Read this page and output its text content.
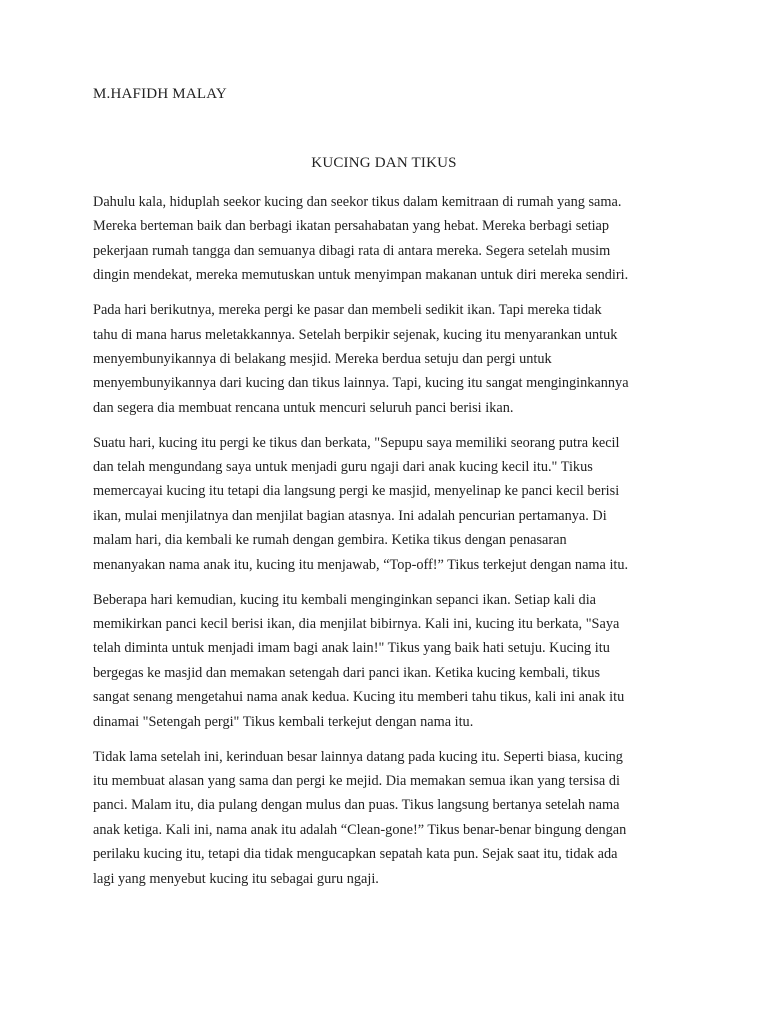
M.HAFIDH MALAY
KUCING DAN TIKUS
Dahulu kala, hiduplah seekor kucing dan seekor tikus dalam kemitraan di rumah yang sama.
Mereka berteman baik dan berbagi ikatan persahabatan yang hebat. Mereka berbagi setiap
pekerjaan rumah tangga dan semuanya dibagi rata di antara mereka. Segera setelah musim
dingin mendekat, mereka memutuskan untuk menyimpan makanan untuk diri mereka sendiri.
Pada hari berikutnya, mereka pergi ke pasar dan membeli sedikit ikan. Tapi mereka tidak
tahu di mana harus meletakkannya. Setelah berpikir sejenak, kucing itu menyarankan untuk
menyembunyikannya di belakang mesjid. Mereka berdua setuju dan pergi untuk
menyembunyikannya dari kucing dan tikus lainnya. Tapi, kucing itu sangat menginginkannya
dan segera dia membuat rencana untuk mencuri seluruh panci berisi ikan.
Suatu hari, kucing itu pergi ke tikus dan berkata, "Sepupu saya memiliki seorang putra kecil
dan telah mengundang saya untuk menjadi guru ngaji dari anak kucing kecil itu." Tikus
memercayai kucing itu tetapi dia langsung pergi ke masjid, menyelinap ke panci kecil berisi
ikan, mulai menjilatnya dan menjilat bagian atasnya. Ini adalah pencurian pertamanya. Di
malam hari, dia kembali ke rumah dengan gembira. Ketika tikus dengan penasaran
menanyakan nama anak itu, kucing itu menjawab, “Top-off!” Tikus terkejut dengan nama itu.
Beberapa hari kemudian, kucing itu kembali menginginkan sepanci ikan. Setiap kali dia
memikirkan panci kecil berisi ikan, dia menjilat bibirnya. Kali ini, kucing itu berkata, "Saya
telah diminta untuk menjadi imam bagi anak lain!" Tikus yang baik hati setuju. Kucing itu
bergegas ke masjid dan memakan setengah dari panci ikan. Ketika kucing kembali, tikus
sangat senang mengetahui nama anak kedua. Kucing itu memberi tahu tikus, kali ini anak itu
dinamai "Setengah pergi" Tikus kembali terkejut dengan nama itu.
Tidak lama setelah ini, kerinduan besar lainnya datang pada kucing itu. Seperti biasa, kucing
itu membuat alasan yang sama dan pergi ke mejid. Dia memakan semua ikan yang tersisa di
panci. Malam itu, dia pulang dengan mulus dan puas. Tikus langsung bertanya setelah nama
anak ketiga. Kali ini, nama anak itu adalah “Clean-gone!” Tikus benar-benar bingung dengan
perilaku kucing itu, tetapi dia tidak mengucapkan sepatah kata pun. Sejak saat itu, tidak ada
lagi yang menyebut kucing itu sebagai guru ngaji.
